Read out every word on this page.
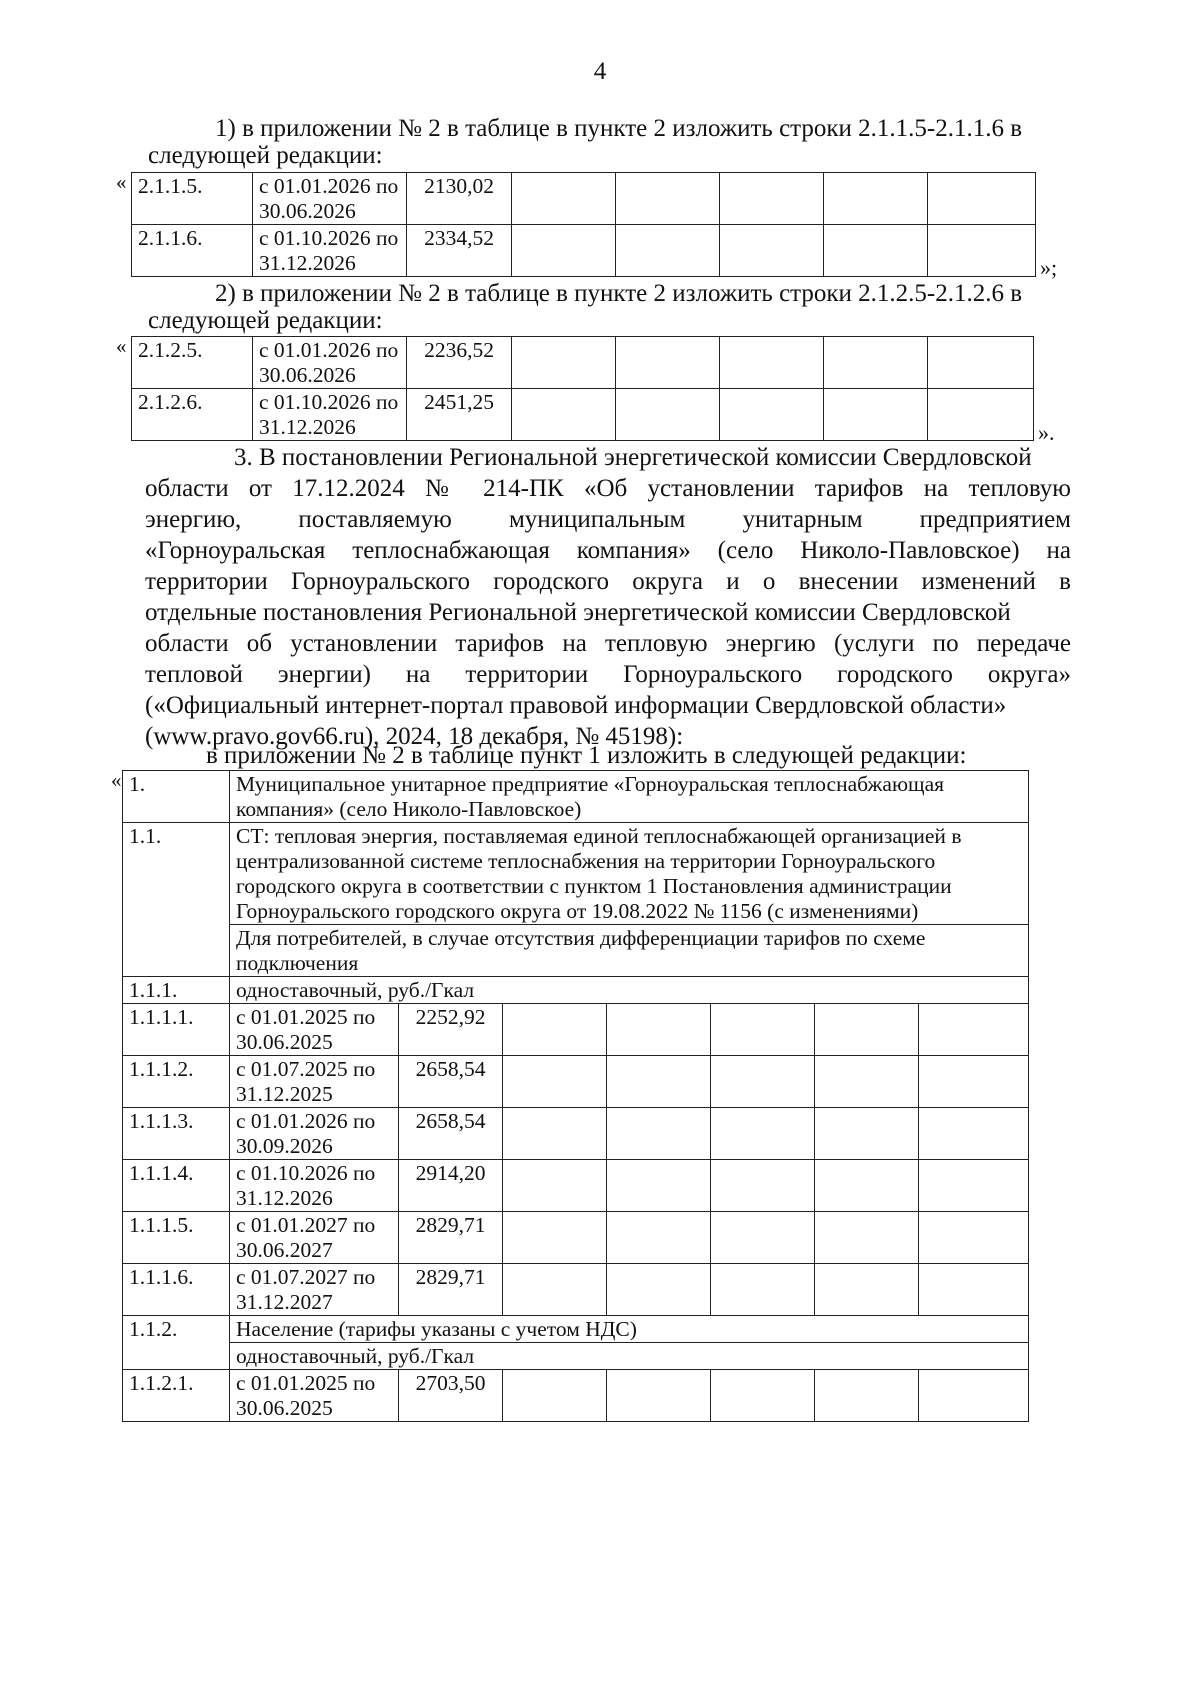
4
1) в приложении № 2 в таблице в пункте 2 изложить строки 2.1.1.5-2.1.1.6 в
следующей редакции:
« 2.1.1.5.	с 01.01.2026 по 30.06.2026	2130,02					
2.1.1.6.	с 01.10.2026 по 31.12.2026	2334,52					
»;
2) в приложении № 2 в таблице в пункте 2 изложить строки 2.1.2.5-2.1.2.6 в
следующей редакции:
« 2.1.2.5.	с 01.01.2026 по 30.06.2026	2236,52					
2.1.2.6.	с 01.10.2026 по 31.12.2026	2451,25					
».
3. В постановлении Региональной энергетической комиссии Свердловской
области от 17.12.2024 № 214-ПК «Об установлении тарифов на тепловую
энергию, поставляемую муниципальным унитарным предприятием
«Горноуральская теплоснабжающая компания» (село Николо-Павловское) на
территории Горноуральского городского округа и о внесении изменений в
отдельные постановления Региональной энергетической комиссии Свердловской
области об установлении тарифов на тепловую энергию (услуги по передаче
тепловой энергии) на территории Горноуральского городского округа»
(«Официальный интернет-портал правовой информации Свердловской области»
(www.pravo.gov66.ru), 2024, 18 декабря, № 45198):
в приложении № 2 в таблице пункт 1 изложить в следующей редакции:
« 1.	Муниципальное унитарное предприятие «Горноуральская теплоснабжающая компания» (село Николо-Павловское)						
1.1.	СТ: тепловая энергия, поставляемая единой теплоснабжающей организацией в централизованной системе теплоснабжения на территории Горноуральского городского округа в соответствии с пунктом 1 Постановления администрации Горноуральского городского округа от 19.08.2022 № 1156 (с изменениями)						
	Для потребителей, в случае отсутствия дифференциации тарифов по схеме подключения						
1.1.1.	одноставочный, руб./Гкал						
1.1.1.1.	с 01.01.2025 по 30.06.2025	2252,92					
1.1.1.2.	с 01.07.2025 по 31.12.2025	2658,54					
1.1.1.3.	с 01.01.2026 по 30.09.2026	2658,54					
1.1.1.4.	с 01.10.2026 по 31.12.2026	2914,20					
1.1.1.5.	с 01.01.2027 по 30.06.2027	2829,71					
1.1.1.6.	с 01.07.2027 по 31.12.2027	2829,71					
1.1.2.	Население (тарифы указаны с учетом НДС)						
	одноставочный, руб./Гкал						
1.1.2.1.	с 01.01.2025 по 30.06.2025	2703,50					
